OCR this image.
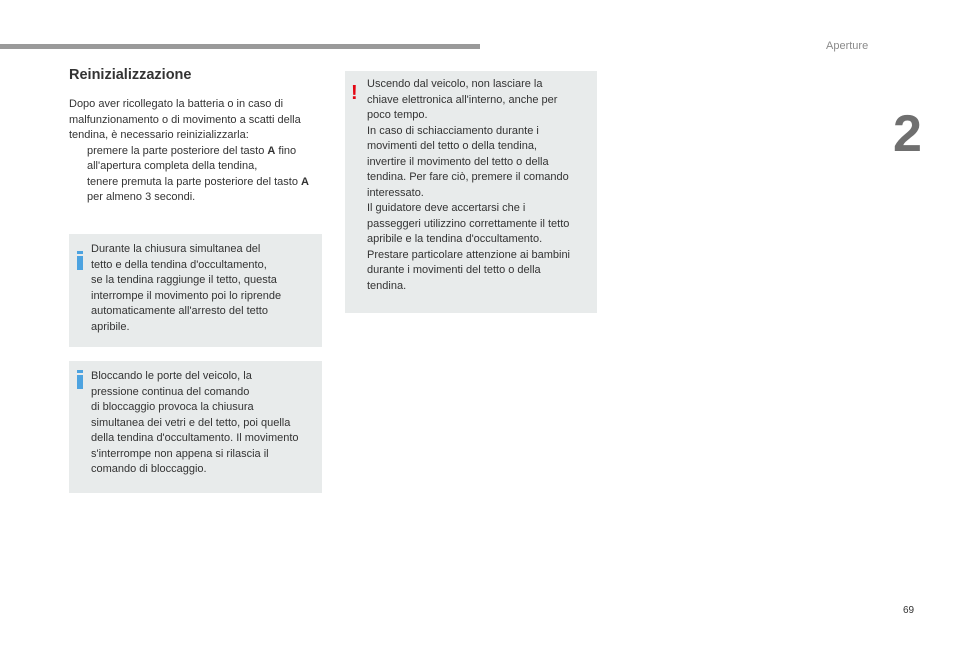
Aperture
2
69
Reinizializzazione

Dopo aver ricollegato la batteria o in caso di malfunzionamento o di movimento a scatti della tendina, è necessario reinizializzarla:

premere la parte posteriore del tasto A fino all'apertura completa della tendina,
tenere premuta la parte posteriore del tasto A per almeno 3 secondi.
Durante la chiusura simultanea del
tetto e della tendina d'occultamento,
se la tendina raggiunge il tetto, questa
interrompe il movimento poi lo riprende
automaticamente all'arresto del tetto
apribile.
Bloccando le porte del veicolo, la
pressione continua del comando
di bloccaggio provoca la chiusura
simultanea dei vetri e del tetto, poi quella
della tendina d'occultamento. Il movimento
s'interrompe non appena si rilascia il
comando di bloccaggio.
! Uscendo dal veicolo, non lasciare la
chiave elettronica all'interno, anche per
poco tempo.
In caso di schiacciamento durante i
movimenti del tetto o della tendina,
invertire il movimento del tetto o della
tendina. Per fare ciò, premere il comando
interessato.
Il guidatore deve accertarsi che i
passeggeri utilizzino correttamente il tetto
apribile e la tendina d'occultamento.
Prestare particolare attenzione ai bambini
durante i movimenti del tetto o della
tendina.
